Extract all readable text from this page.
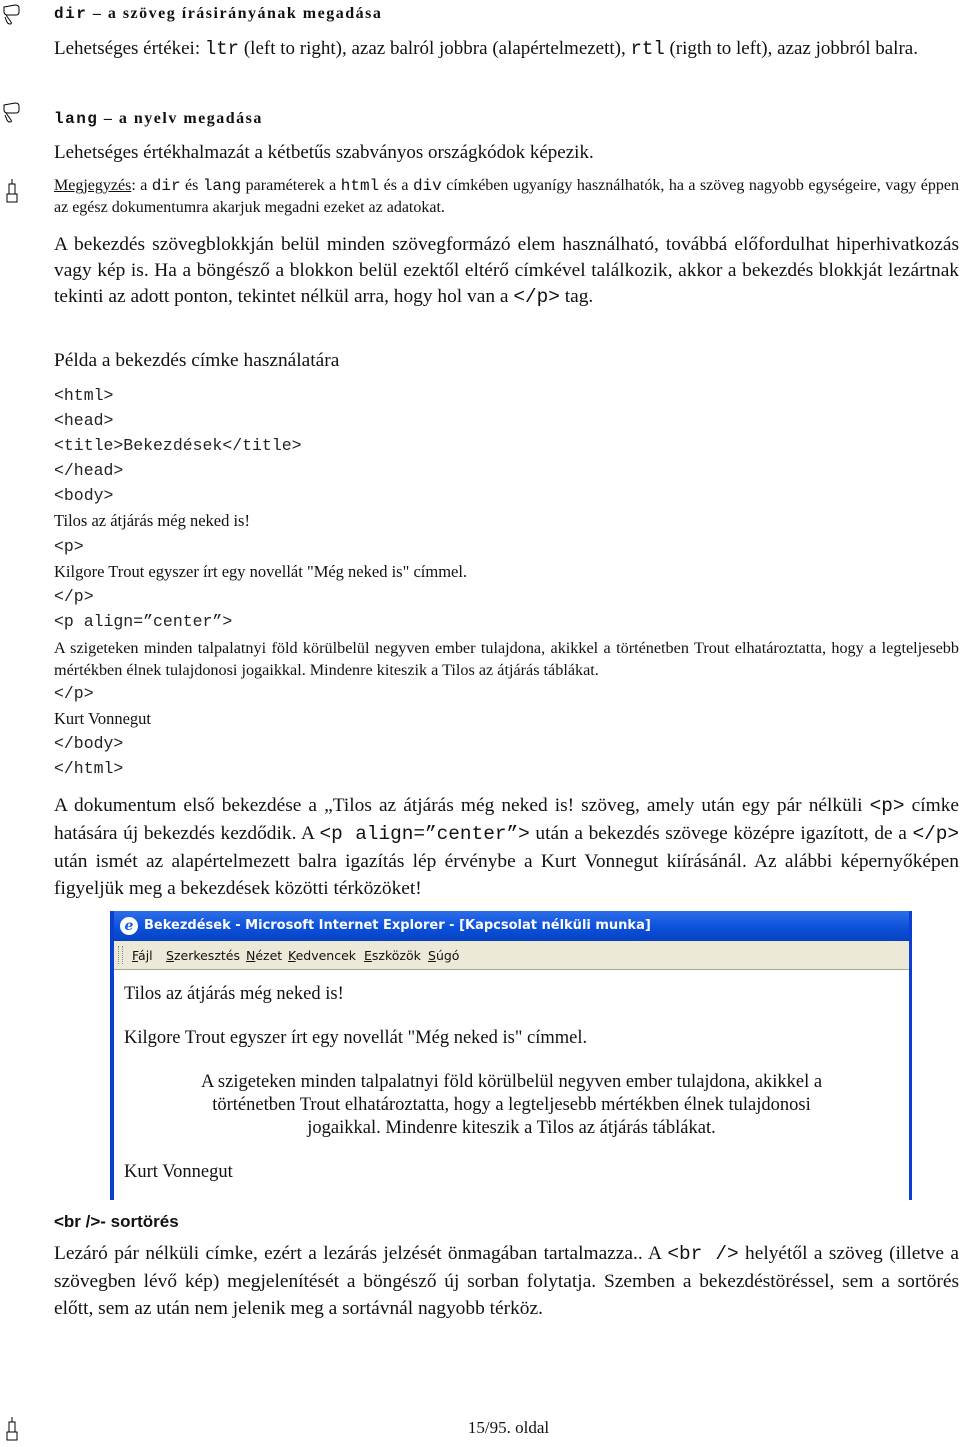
dir – a szöveg írásirányának megadása
Lehetséges értékei: ltr (left to right), azaz balról jobbra (alapértelmezett), rtl (rigth to left), azaz jobbról balra.
lang – a nyelv megadása
Lehetséges értékhalmazát a kétbetűs szabványos országkódok képezik.
Megjegyzés: a dir és lang paraméterek a html és a div címkében ugyanígy használhatók, ha a szöveg nagyobb egységeire, vagy éppen az egész dokumentumra akarjuk megadni ezeket az adatokat.
A bekezdés szövegblokkján belül minden szövegformázó elem használható, továbbá előfordulhat hiperhivatkozás vagy kép is. Ha a böngésző a blokkon belül ezektől eltérő címkével találkozik, akkor a bekezdés blokkját lezártnak tekinti az adott ponton, tekintet nélkül arra, hogy hol van a </p> tag.
Példa a bekezdés címke használatára
<html>
<head>
<title>Bekezdések</title>
</head>
<body>
Tilos az átjárás még neked is!
<p>
Kilgore Trout egyszer írt egy novellát "Még neked is" címmel.
</p>
<p align=”center”>
A szigeteken minden talpalatnyi föld körülbelül negyven ember tulajdona, akikkel a történetben Trout elhatároztatta, hogy a legteljesebb mértékben élnek tulajdonosi jogaikkal. Mindenre kiteszik a Tilos az átjárás táblákat.
</p>
Kurt Vonnegut
</body>
</html>
A dokumentum első bekezdése a „Tilos az átjárás még neked is! szöveg, amely után egy pár nélküli <p> címke hatására új bekezdés kezdődik. A <p align=”center”> után a bekezdés szövege középre igazított, de a </p> után ismét az alapértelmezett balra igazítás lép érvénybe a Kurt Vonnegut kiírásánál. Az alábbi képernyőképen figyeljük meg a bekezdések közötti térközöket!
e Bekezdések - Microsoft Internet Explorer - [Kapcsolat nélküli munka]
Fájl Szerkesztés Nézet Kedvencek Eszközök Súgó
Tilos az átjárás még neked is!
Kilgore Trout egyszer írt egy novellát "Még neked is" címmel.
A szigeteken minden talpalatnyi föld körülbelül negyven ember tulajdona, akikkel a
történetben Trout elhatároztatta, hogy a legteljesebb mértékben élnek tulajdonosi
jogaikkal. Mindenre kiteszik a Tilos az átjárás táblákat.
Kurt Vonnegut
<br />- sortörés
Lezáró pár nélküli címke, ezért a lezárás jelzését önmagában tartalmazza.. A <br /> helyétől a szöveg (illetve a szövegben lévő kép) megjelenítését a böngésző új sorban folytatja. Szemben a bekezdéstöréssel, sem a sortörés előtt, sem az után nem jelenik meg a sortávnál nagyobb térköz.
15/95. oldal
